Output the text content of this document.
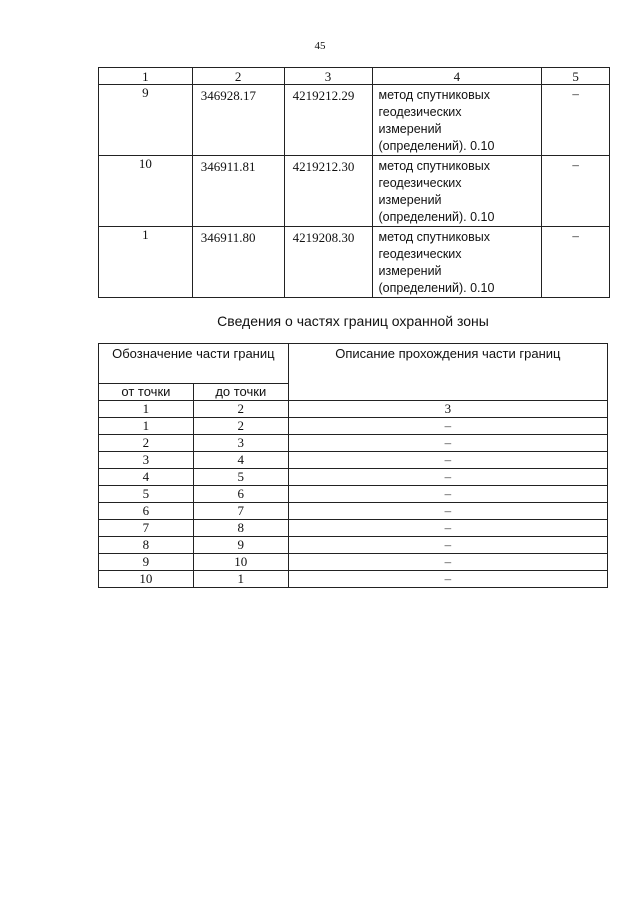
45
1	2	3	4	5
9	346928.17	4219212.29	метод спутниковых
геодезических
измерений
(определений). 0.10	–
10	346911.81	4219212.30	метод спутниковых
геодезических
измерений
(определений). 0.10	–
1	346911.80	4219208.30	метод спутниковых
геодезических
измерений
(определений). 0.10	–
Сведения о частях границ охранной зоны
Обозначение части границ		Описание прохождения части границ
от точки	до точки	
1	2	3
1	2	–
2	3	–
3	4	–
4	5	–
5	6	–
6	7	–
7	8	–
8	9	–
9	10	–
10	1	–
